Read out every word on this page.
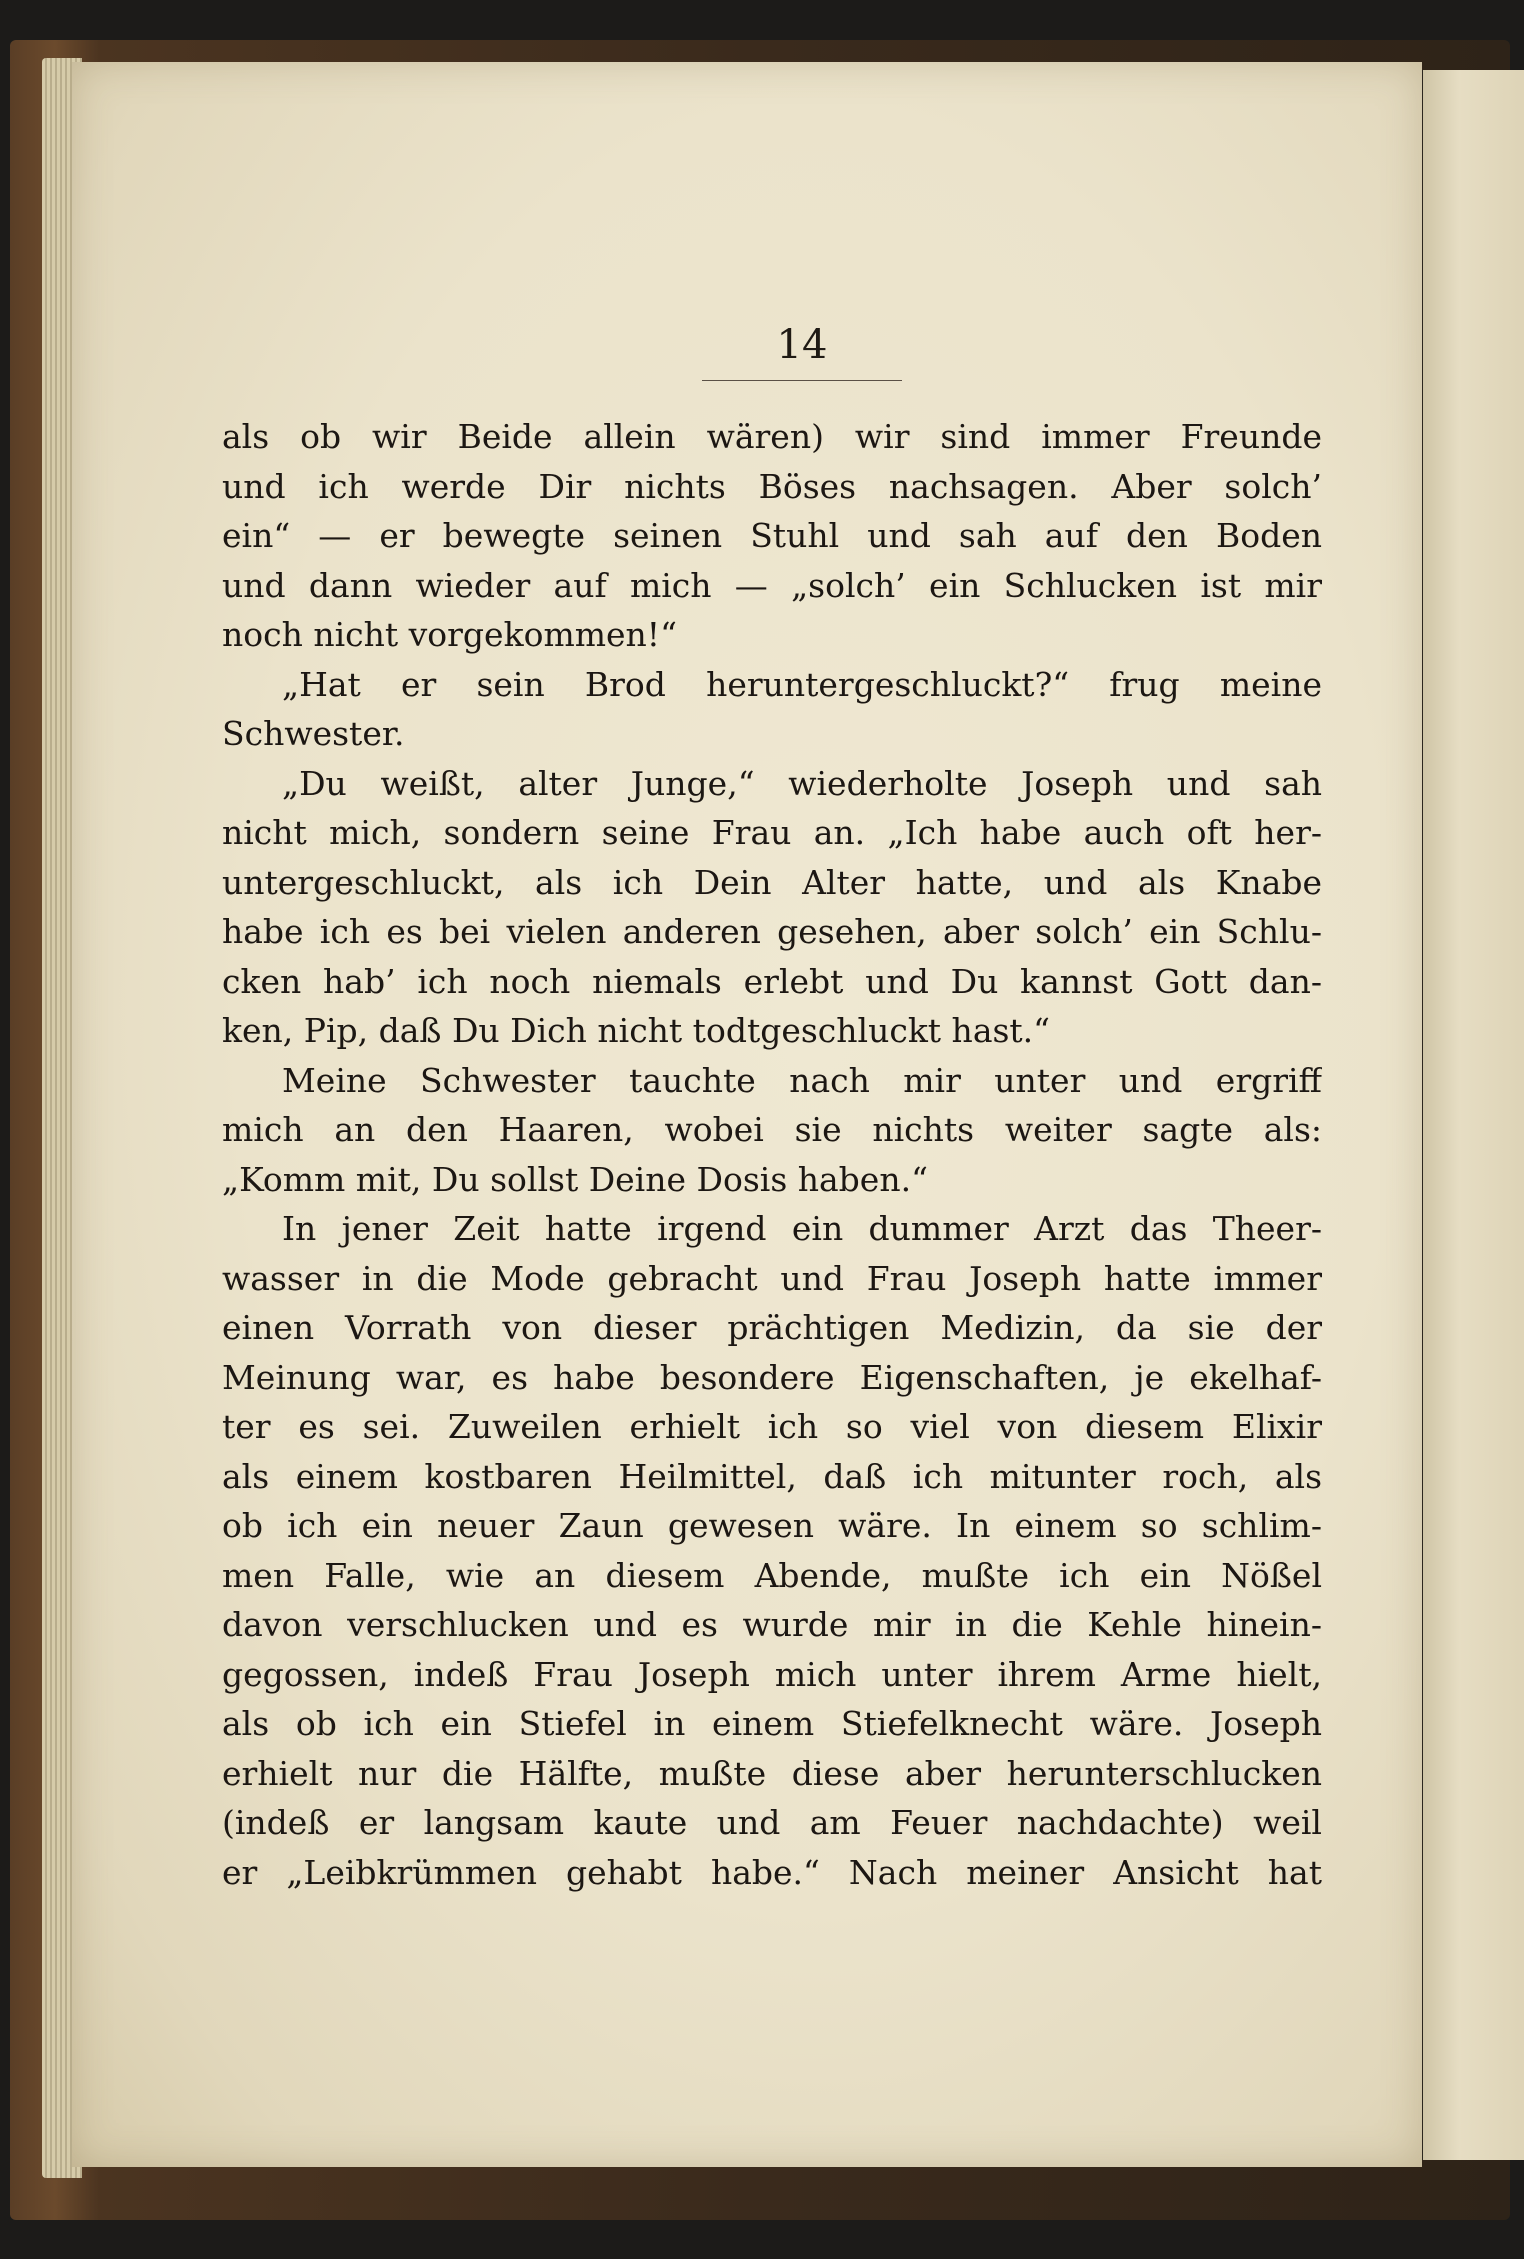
14

als ob wir Beide allein wären) wir sind immer Freunde
und ich werde Dir nichts Böses nachsagen. Aber solch’
ein“ — er bewegte seinen Stuhl und sah auf den Boden
und dann wieder auf mich — „solch’ ein Schlucken ist mir
noch nicht vorgekommen!“
„Hat er sein Brod heruntergeschluckt?“ frug meine
Schwester.
„Du weißt, alter Junge,“ wiederholte Joseph und sah
nicht mich, sondern seine Frau an. „Ich habe auch oft her-
untergeschluckt, als ich Dein Alter hatte, und als Knabe
habe ich es bei vielen anderen gesehen, aber solch’ ein Schlu-
cken hab’ ich noch niemals erlebt und Du kannst Gott dan-
ken, Pip, daß Du Dich nicht todtgeschluckt hast.“
Meine Schwester tauchte nach mir unter und ergriff
mich an den Haaren, wobei sie nichts weiter sagte als:
„Komm mit, Du sollst Deine Dosis haben.“
In jener Zeit hatte irgend ein dummer Arzt das Theer-
wasser in die Mode gebracht und Frau Joseph hatte immer
einen Vorrath von dieser prächtigen Medizin, da sie der
Meinung war, es habe besondere Eigenschaften, je ekelhaf-
ter es sei. Zuweilen erhielt ich so viel von diesem Elixir
als einem kostbaren Heilmittel, daß ich mitunter roch, als
ob ich ein neuer Zaun gewesen wäre. In einem so schlim-
men Falle, wie an diesem Abende, mußte ich ein Nößel
davon verschlucken und es wurde mir in die Kehle hinein-
gegossen, indeß Frau Joseph mich unter ihrem Arme hielt,
als ob ich ein Stiefel in einem Stiefelknecht wäre. Joseph
erhielt nur die Hälfte, mußte diese aber herunterschlucken
(indeß er langsam kaute und am Feuer nachdachte) weil
er „Leibkrümmen gehabt habe.“ Nach meiner Ansicht hat
